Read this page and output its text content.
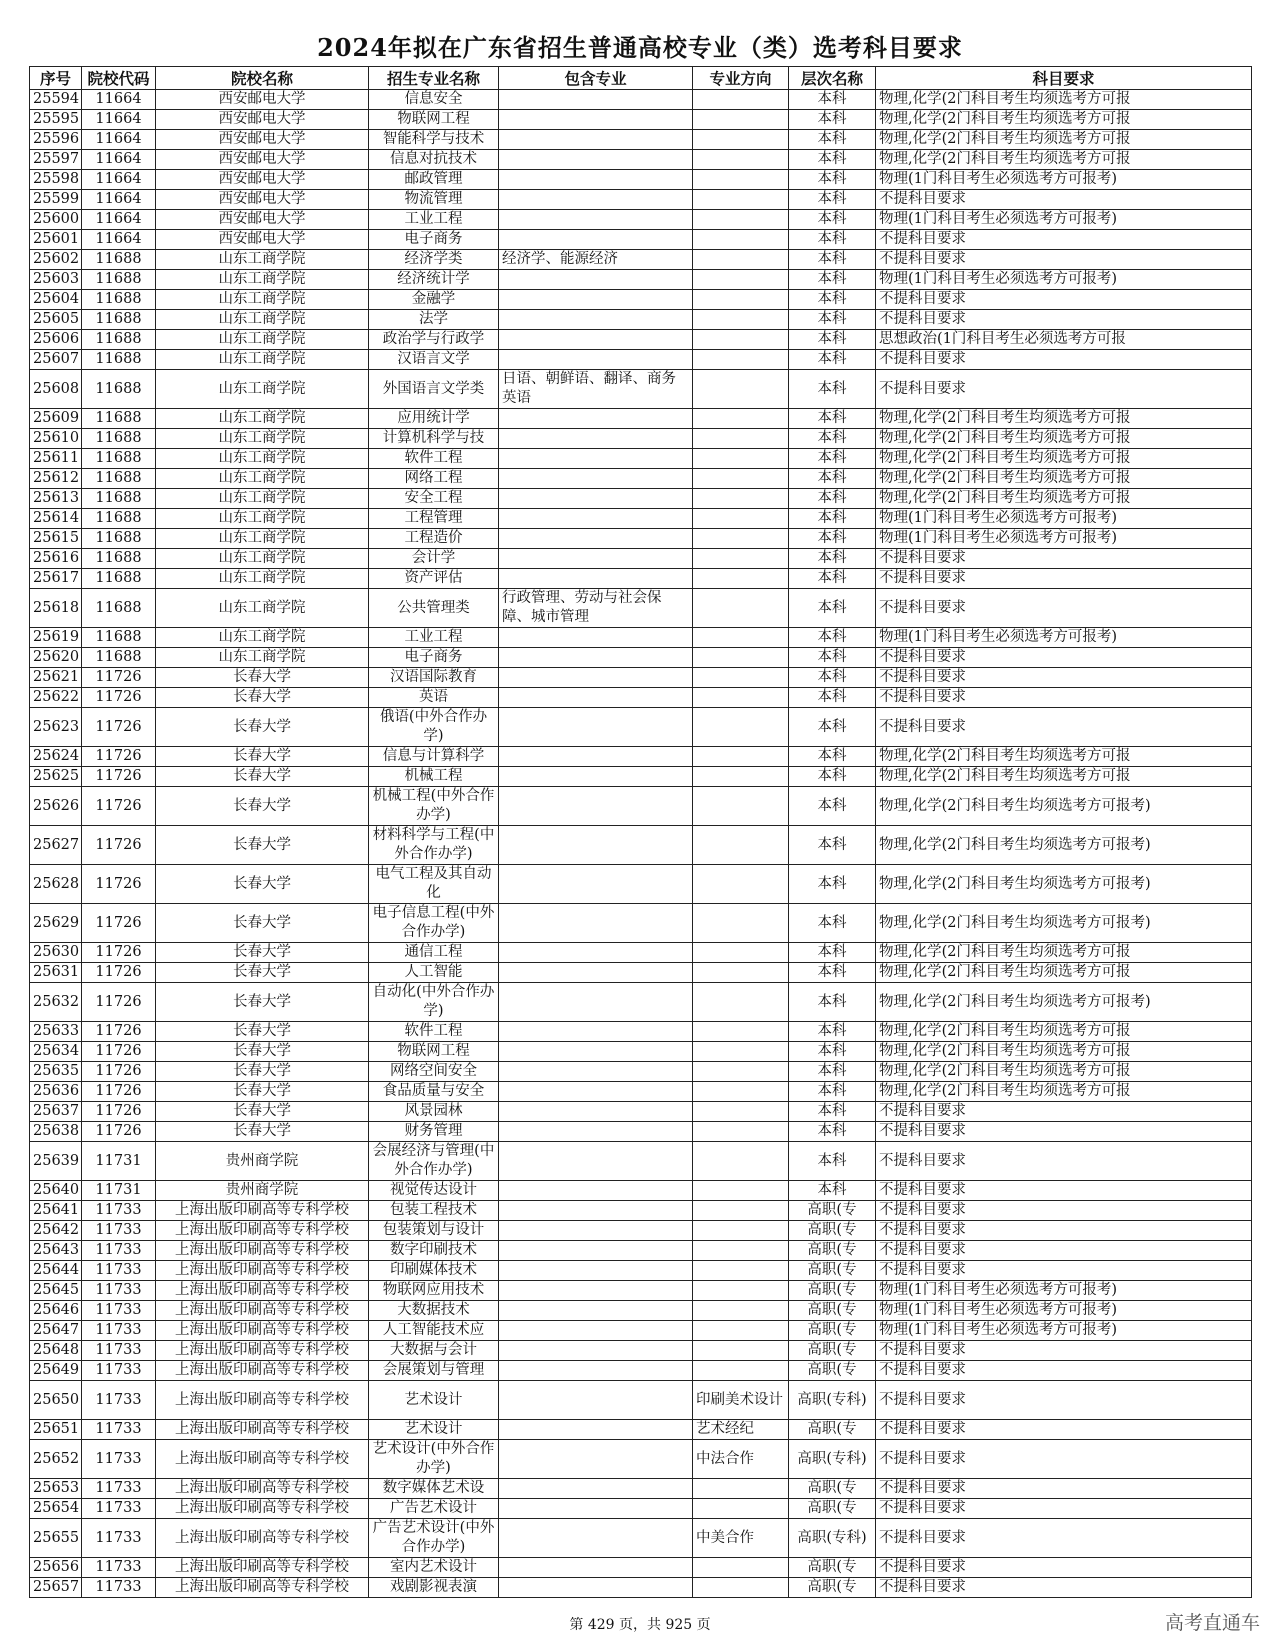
2024年拟在广东省招生普通高校专业（类）选考科目要求
序号	院校代码	院校名称	招生专业名称	包含专业	专业方向	层次名称	科目要求
25594	11664	西安邮电大学	信息安全			本科	物理,化学(2门科目考生均须选考方可报
25595	11664	西安邮电大学	物联网工程			本科	物理,化学(2门科目考生均须选考方可报
25596	11664	西安邮电大学	智能科学与技术			本科	物理,化学(2门科目考生均须选考方可报
25597	11664	西安邮电大学	信息对抗技术			本科	物理,化学(2门科目考生均须选考方可报
25598	11664	西安邮电大学	邮政管理			本科	物理(1门科目考生必须选考方可报考)
25599	11664	西安邮电大学	物流管理			本科	不提科目要求
25600	11664	西安邮电大学	工业工程			本科	物理(1门科目考生必须选考方可报考)
25601	11664	西安邮电大学	电子商务			本科	不提科目要求
25602	11688	山东工商学院	经济学类	经济学、能源经济		本科	不提科目要求
25603	11688	山东工商学院	经济统计学			本科	物理(1门科目考生必须选考方可报考)
25604	11688	山东工商学院	金融学			本科	不提科目要求
25605	11688	山东工商学院	法学			本科	不提科目要求
25606	11688	山东工商学院	政治学与行政学			本科	思想政治(1门科目考生必须选考方可报
25607	11688	山东工商学院	汉语言文学			本科	不提科目要求
25608	11688	山东工商学院	外国语言文学类	日语、朝鲜语、翻译、商务英语		本科	不提科目要求
25609	11688	山东工商学院	应用统计学			本科	物理,化学(2门科目考生均须选考方可报
25610	11688	山东工商学院	计算机科学与技			本科	物理,化学(2门科目考生均须选考方可报
25611	11688	山东工商学院	软件工程			本科	物理,化学(2门科目考生均须选考方可报
25612	11688	山东工商学院	网络工程			本科	物理,化学(2门科目考生均须选考方可报
25613	11688	山东工商学院	安全工程			本科	物理,化学(2门科目考生均须选考方可报
25614	11688	山东工商学院	工程管理			本科	物理(1门科目考生必须选考方可报考)
25615	11688	山东工商学院	工程造价			本科	物理(1门科目考生必须选考方可报考)
25616	11688	山东工商学院	会计学			本科	不提科目要求
25617	11688	山东工商学院	资产评估			本科	不提科目要求
25618	11688	山东工商学院	公共管理类	行政管理、劳动与社会保障、城市管理		本科	不提科目要求
25619	11688	山东工商学院	工业工程			本科	物理(1门科目考生必须选考方可报考)
25620	11688	山东工商学院	电子商务			本科	不提科目要求
25621	11726	长春大学	汉语国际教育			本科	不提科目要求
25622	11726	长春大学	英语			本科	不提科目要求
25623	11726	长春大学	俄语(中外合作办学)			本科	不提科目要求
25624	11726	长春大学	信息与计算科学			本科	物理,化学(2门科目考生均须选考方可报
25625	11726	长春大学	机械工程			本科	物理,化学(2门科目考生均须选考方可报
25626	11726	长春大学	机械工程(中外合作办学)			本科	物理,化学(2门科目考生均须选考方可报考)
25627	11726	长春大学	材料科学与工程(中外合作办学)			本科	物理,化学(2门科目考生均须选考方可报考)
25628	11726	长春大学	电气工程及其自动化			本科	物理,化学(2门科目考生均须选考方可报考)
25629	11726	长春大学	电子信息工程(中外合作办学)			本科	物理,化学(2门科目考生均须选考方可报考)
25630	11726	长春大学	通信工程			本科	物理,化学(2门科目考生均须选考方可报
25631	11726	长春大学	人工智能			本科	物理,化学(2门科目考生均须选考方可报
25632	11726	长春大学	自动化(中外合作办学)			本科	物理,化学(2门科目考生均须选考方可报考)
25633	11726	长春大学	软件工程			本科	物理,化学(2门科目考生均须选考方可报
25634	11726	长春大学	物联网工程			本科	物理,化学(2门科目考生均须选考方可报
25635	11726	长春大学	网络空间安全			本科	物理,化学(2门科目考生均须选考方可报
25636	11726	长春大学	食品质量与安全			本科	物理,化学(2门科目考生均须选考方可报
25637	11726	长春大学	风景园林			本科	不提科目要求
25638	11726	长春大学	财务管理			本科	不提科目要求
25639	11731	贵州商学院	会展经济与管理(中外合作办学)			本科	不提科目要求
25640	11731	贵州商学院	视觉传达设计			本科	不提科目要求
25641	11733	上海出版印刷高等专科学校	包装工程技术			高职(专	不提科目要求
25642	11733	上海出版印刷高等专科学校	包装策划与设计			高职(专	不提科目要求
25643	11733	上海出版印刷高等专科学校	数字印刷技术			高职(专	不提科目要求
25644	11733	上海出版印刷高等专科学校	印刷媒体技术			高职(专	不提科目要求
25645	11733	上海出版印刷高等专科学校	物联网应用技术			高职(专	物理(1门科目考生必须选考方可报考)
25646	11733	上海出版印刷高等专科学校	大数据技术			高职(专	物理(1门科目考生必须选考方可报考)
25647	11733	上海出版印刷高等专科学校	人工智能技术应			高职(专	物理(1门科目考生必须选考方可报考)
25648	11733	上海出版印刷高等专科学校	大数据与会计			高职(专	不提科目要求
25649	11733	上海出版印刷高等专科学校	会展策划与管理			高职(专	不提科目要求
25650	11733	上海出版印刷高等专科学校	艺术设计		印刷美术设计	高职(专科)	不提科目要求
25651	11733	上海出版印刷高等专科学校	艺术设计		艺术经纪	高职(专	不提科目要求
25652	11733	上海出版印刷高等专科学校	艺术设计(中外合作办学)		中法合作	高职(专科)	不提科目要求
25653	11733	上海出版印刷高等专科学校	数字媒体艺术设			高职(专	不提科目要求
25654	11733	上海出版印刷高等专科学校	广告艺术设计			高职(专	不提科目要求
25655	11733	上海出版印刷高等专科学校	广告艺术设计(中外合作办学)		中美合作	高职(专科)	不提科目要求
25656	11733	上海出版印刷高等专科学校	室内艺术设计			高职(专	不提科目要求
25657	11733	上海出版印刷高等专科学校	戏剧影视表演			高职(专	不提科目要求
第 429 页，共 925 页	高考直通车
